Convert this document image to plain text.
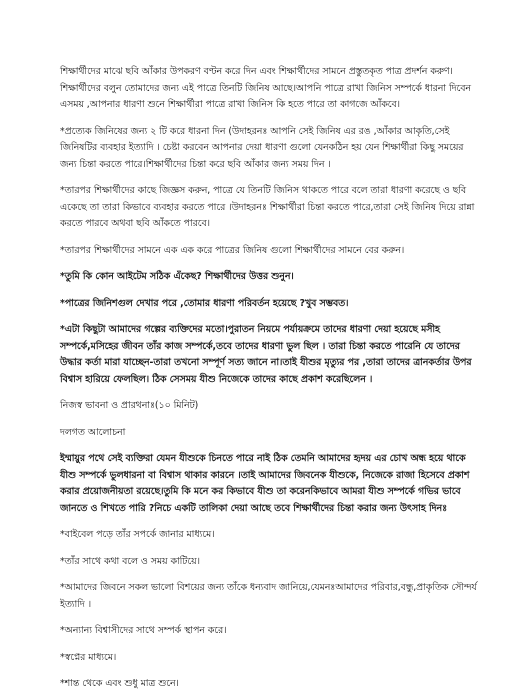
শিক্ষার্থীদের মাঝে ছবি আঁকার উপকরণ বণ্টন করে দিন এবং শিক্ষার্থীদের সামনে প্রস্তুতকৃত পাত্র প্রদর্শন করুণ। শিক্ষার্থীদের বলুন তোমাদের জন্য এই পাত্রে তিনটি জিনিষ আছে।আপনি পাত্রে রাখা জিনিস সম্পর্কে ধারনা দিবেন এসময় ,আপনার ধারণা শুনে শিক্ষার্থীরা পাত্রে রাখা জিনিস কি হতে পারে তা কাগজে আঁকবে।

*প্রত্যেক জিনিষের জন্য ২ টি করে ধারনা দিন (উদাহরনঃ আপনি সেই জিনিষ এর রঙ ,আঁকার আকৃতি,সেই জিনিষটির ব্যবহার ইত্যাদি । চেষ্টা করবেন আপনার দেয়া ধারণা গুলো যেনকঠিন হয় যেন শিক্ষার্থীরা কিছু সময়ের জন্য চিন্তা করতে পারে।শিক্ষার্থীদের চিন্তা করে ছবি আঁকার জন্য সময় দিন ।

*তারপর শিক্ষার্থীদের কাছে জিজ্ঞস করুন, পাত্রে যে তিনটি জিনিস থাকতে পারে বলে তারা ধারণা করেছে ও ছবি একেছে তা তারা কিভাবে ব্যবহার করতে পারে ।উদাহরনঃ শিক্ষার্থীরা চিন্তা করতে পারে,তারা সেই জিনিষ দিয়ে রান্না করতে পারবে অথবা ছবি আঁকতে পারবে।

*তারপর শিক্ষার্থীদের সামনে এক এক করে পাত্রের জিনিষ গুলো শিক্ষার্থীদের সামনে বের করুন।

*তুমি কি কোন আইটেম সঠিক এঁকেছ? শিক্ষার্থীদের উত্তর শুনুন।

*পাত্রের জিনিশগুল দেখার পরে ,তোমার ধারণা পরিবর্তন হয়েছে ?খুব সম্ভবত।

*এটা কিছুটা আমাদের গল্পের ব্যক্তিদের মতো।পুরাতন নিয়মে পর্যায়ক্রমে তাদের ধারণা দেয়া হয়েছে মসীহ সম্পর্কে,মসিহের জীবন তাঁর কাজ সম্পর্কে,তবে তাদের ধারণা ভুল ছিল । তারা চিন্তা করতে পারেনি যে তাদের উদ্ধার কর্তা মারা যাচ্ছেন-তারা তখনো সম্পূর্ণ সত্য জানে না।তাই যীশুর মৃত্যুর পর ,তারা তাদের ত্রানকর্তার উপর বিশ্বাস হারিয়ে ফেলছিল। ঠিক সেসময় যীশু নিজেকে তাদের কাছে প্রকাশ করেছিলেন ।

নিজস্ব ভাবনা ও প্রারথনাঃ(১০ মিনিট)

দলগত আলোচনা

ইম্মায়ুর পথে সেই ব্যক্তিরা যেমন যীশুকে চিনতে পারে নাই ঠিক তেমনি আমাদের হৃদয় এর চোখ অন্ধ হয়ে থাকে যীশু সম্পর্কে ভুলধারনা বা বিশ্বাস থাকার কারনে ।তাই আমাদের জিবনেক যীশুকে, নিজেকে রাজা হিসেবে প্রকাশ করার প্রয়োজনীয়তা রয়েছে।তুমি কি মনে কর কিভাবে যীশু তা করেনকিভাবে আমরা যীশু সম্পর্কে গভির ভাবে জানতে ও শিখতে পারি ?নিচে একটি তালিকা দেয়া আছে তবে শিক্ষার্থীদের চিন্তা করার জন্য উৎসাহ দিনঃ

*বাইবেল পড়ে তাঁর সপর্কে জানার মাধ্যমে।

*তাঁর সাথে কথা বলে ও সময় কাটিয়ে।

*আমাদের জিবনে সকল ভালো বিশয়ের জন্য তাঁকে ধন্যবাদ জানিয়ে,যেমনঃআমাদের পরিবার,বন্ধু,প্রাকৃতিক সৌন্দর্য ইত্যাদি ।

*অন্যান্য বিশ্বাসীদের সাথে সম্পর্ক স্থাপন করে।

*স্বপ্নের মাধ্যমে।

*শান্ত থেকে এবং শুধু মাত্র শুনে।
